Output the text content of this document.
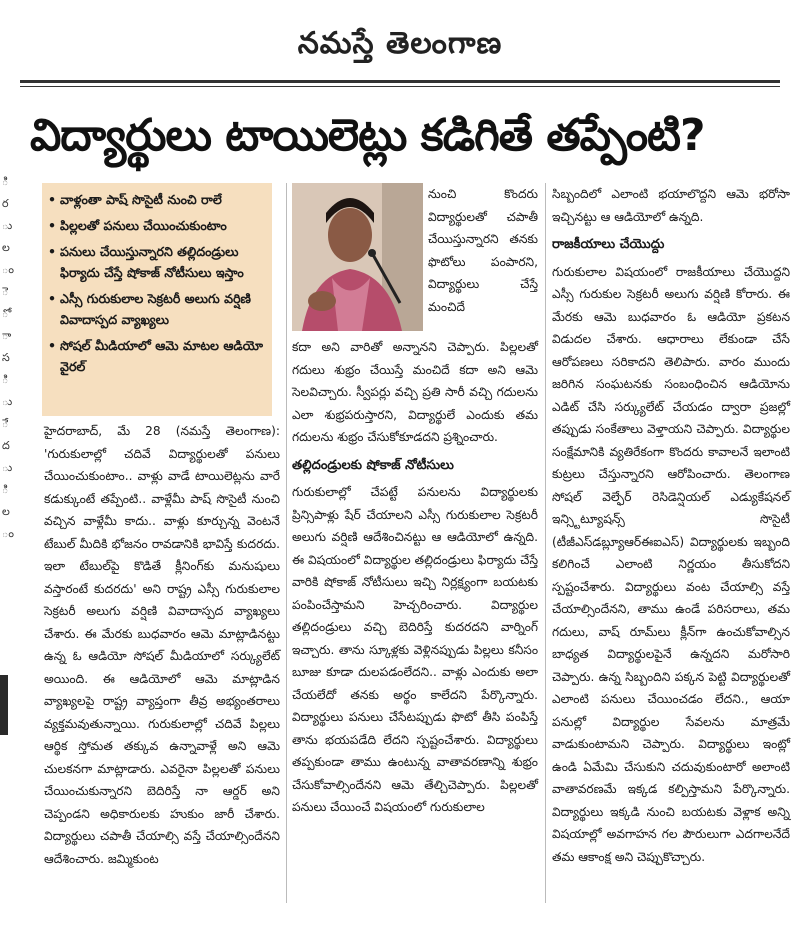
నమస్తే తెలంగాణ
ి
ర
ు
ల
ం
ె
ో
ా
స
ి
ు
ే
ద
ు
ి
ల
ం
విద్యార్థులు టాయిలెట్లు కడిగితే తప్పేంటి?
• వాళ్లంతా పాష్ సొసైటీ నుంచి రాలే
• పిల్లలతో పనులు చేయించుకుంటాం
• పనులు చేయిస్తున్నారని తల్లిదండ్రులు ఫిర్యాదు చేస్తే షోకాజ్ నోటీసులు ఇస్తాం
• ఎస్సీ గురుకులాల సెక్రటరీ అలుగు వర్షిణి వివాదాస్పద వ్యాఖ్యలు
• సోషల్ మీడియాలో ఆమె మాటల ఆడియో వైరల్

హైదరాబాద్, మే 28 (నమస్తే తెలంగాణ): 'గురుకులాల్లో చదివే విద్యార్థులతో పనులు చేయించుకుంటాం.. వాళ్లు వాడే టాయిలెట్లను వారే కడుక్కుంటే తప్పేంటి.. వాళ్లేమీ పాష్ సొసైటీ నుంచి వచ్చిన వాళ్లేమీ కాదు.. వాళ్లు కూర్చున్న వెంటనే టేబుల్ మీదికి భోజనం రావడానికి భావిస్తే కుదరదు. ఇలా టేబుల్‌పై కొడితే క్లీనింగ్‌కు మనుషులు వస్తారంటే కుదరదు' అని రాష్ట్ర ఎస్సీ గురుకులాల సెక్రటరీ అలుగు వర్షిణి వివాదాస్పద వ్యాఖ్యలు చేశారు. ఈ మేరకు బుధవారం ఆమె మాట్లాడినట్టు ఉన్న ఓ ఆడియో సోషల్ మీడియాలో సర్క్యులేట్ అయింది. ఈ ఆడియోలో ఆమె మాట్లాడిన వ్యాఖ్యలపై రాష్ట్ర వ్యాప్తంగా తీవ్ర అభ్యంతరాలు వ్యక్తమవుతున్నాయి. గురుకులాల్లో చదివే పిల్లలు ఆర్థిక స్తోమత తక్కువ ఉన్నావాళ్లే అని ఆమె చులకనగా మాట్లాడారు. ఎవరైనా పిల్లలతో పనులు చేయించుకున్నారని బెదిరిస్తే నా ఆర్డర్ అని చెప్పండని అధికారులకు హుకుం జారీ చేశారు. విద్యార్థులు చపాతీ చేయాల్సి వస్తే చేయాల్సిందేనని ఆదేశించారు. జమ్మికుంట

నుంచి కొందరు విద్యార్థులతో చపాతీ చేయిస్తున్నారని తనకు ఫొటోలు పంపారని, విద్యార్థులు చేస్తే మంచిదే

కదా అని వారితో అన్నానని చెప్పారు. పిల్లలతో గదులు శుభ్రం చేయిస్తే మంచిదే కదా అని ఆమె సెలవిచ్చారు. స్వీపర్లు వచ్చి ప్రతి సారీ వచ్చి గదులను ఎలా శుభ్రపరుస్తారని, విద్యార్థులే ఎందుకు తమ గదులను శుభ్రం చేసుకోకూడదని ప్రశ్నించారు.

తల్లిదండ్రులకు షోకాజ్ నోటీసులు

గురుకులాల్లో చేపట్టే పనులను విద్యార్థులకు ప్రిన్సిపాళ్లు షేర్ చేయాలని ఎస్సీ గురుకులాల సెక్రటరీ అలుగు వర్షిణి ఆదేశించినట్టు ఆ ఆడియోలో ఉన్నది. ఈ విషయంలో విద్యార్థుల తల్లిదండ్రులు ఫిర్యాదు చేస్తే వారికి షోకాజ్ నోటీసులు ఇచ్చి నిర్లక్ష్యంగా బయటకు పంపించేస్తామని హెచ్చరించారు. విద్యార్థుల తల్లిదండ్రులు వచ్చి బెదిరిస్తే కుదరదని వార్నింగ్ ఇచ్చారు. తాను స్కూళ్లకు వెళ్లినప్పుడు పిల్లలు కనీసం బూజు కూడా దులపడంలేదని.. వాళ్లు ఎందుకు అలా చేయలేదో తనకు అర్థం కాలేదని పేర్కొన్నారు. విద్యార్థులు పనులు చేసేటప్పుడు ఫొటో తీసి పంపిస్తే తాను భయపడేది లేదని స్పష్టంచేశారు. విద్యార్థులు తప్పకుండా తాము ఉంటున్న వాతావరణాన్ని శుభ్రం చేసుకోవాల్సిందేనని ఆమె తేల్చిచెప్పారు. పిల్లలతో పనులు చేయించే విషయంలో గురుకులాల

సిబ్బందిలో ఎలాంటి భయాలొద్దని ఆమె భరోసా ఇచ్చినట్టు ఆ ఆడియోలో ఉన్నది.

రాజకీయాలు చేయొద్దు

గురుకులాల విషయంలో రాజకీయాలు చేయొద్దని ఎస్సీ గురుకుల సెక్రటరీ అలుగు వర్షిణి కోరారు. ఈ మేరకు ఆమె బుధవారం ఓ ఆడియో ప్రకటన విడుదల చేశారు. ఆధారాలు లేకుండా చేసే ఆరోపణలు సరికాదని తెలిపారు. వారం ముందు జరిగిన సంఘటనకు సంబంధించిన ఆడియోను ఎడిట్ చేసి సర్క్యులేట్ చేయడం ద్వారా ప్రజల్లో తప్పుడు సంకేతాలు వెళ్తాయని చెప్పారు. విద్యార్థుల సంక్షేమానికి వ్యతిరేకంగా కొందరు కావాలనే ఇలాంటి కుట్రలు చేస్తున్నారని ఆరోపించారు. తెలంగాణ సోషల్ వెల్ఫేర్ రెసిడెన్షియల్ ఎడ్యుకేషనల్ ఇన్స్టిట్యూషన్స్ సొసైటీ (టీజీఎస్‌డబ్ల్యూఆర్ఈఐఎస్) విద్యార్థులకు ఇబ్బంది కలిగించే ఎలాంటి నిర్ణయం తీసుకోదని స్పష్టంచేశారు. విద్యార్థులు వంట చేయాల్సి వస్తే చేయాల్సిందేనని, తాము ఉండే పరిసరాలు, తమ గదులు, వాష్ రూమ్‌లు క్లీన్‌గా ఉంచుకోవాల్సిన బాధ్యత విద్యార్థులపైనే ఉన్నదని మరోసారి చెప్పారు. ఉన్న సిబ్బందిని పక్కన పెట్టి విద్యార్థులతో ఎలాంటి పనులు చేయించడం లేదని., ఆయా పనుల్లో విద్యార్థుల సేవలను మాత్రమే వాడుకుంటామని చెప్పారు. విద్యార్థులు ఇంట్లో ఉండి ఏమేమి చేసుకుని చదువుకుంటారో అలాంటి వాతావరణమే ఇక్కడ కల్పిస్తామని పేర్కొన్నారు. విద్యార్థులు ఇక్కడి నుంచి బయటకు వెళ్లాక అన్ని విషయాల్లో అవగాహన గల పౌరులుగా ఎదగాలనేదే తమ ఆకాంక్ష అని చెప్పుకొచ్చారు.
